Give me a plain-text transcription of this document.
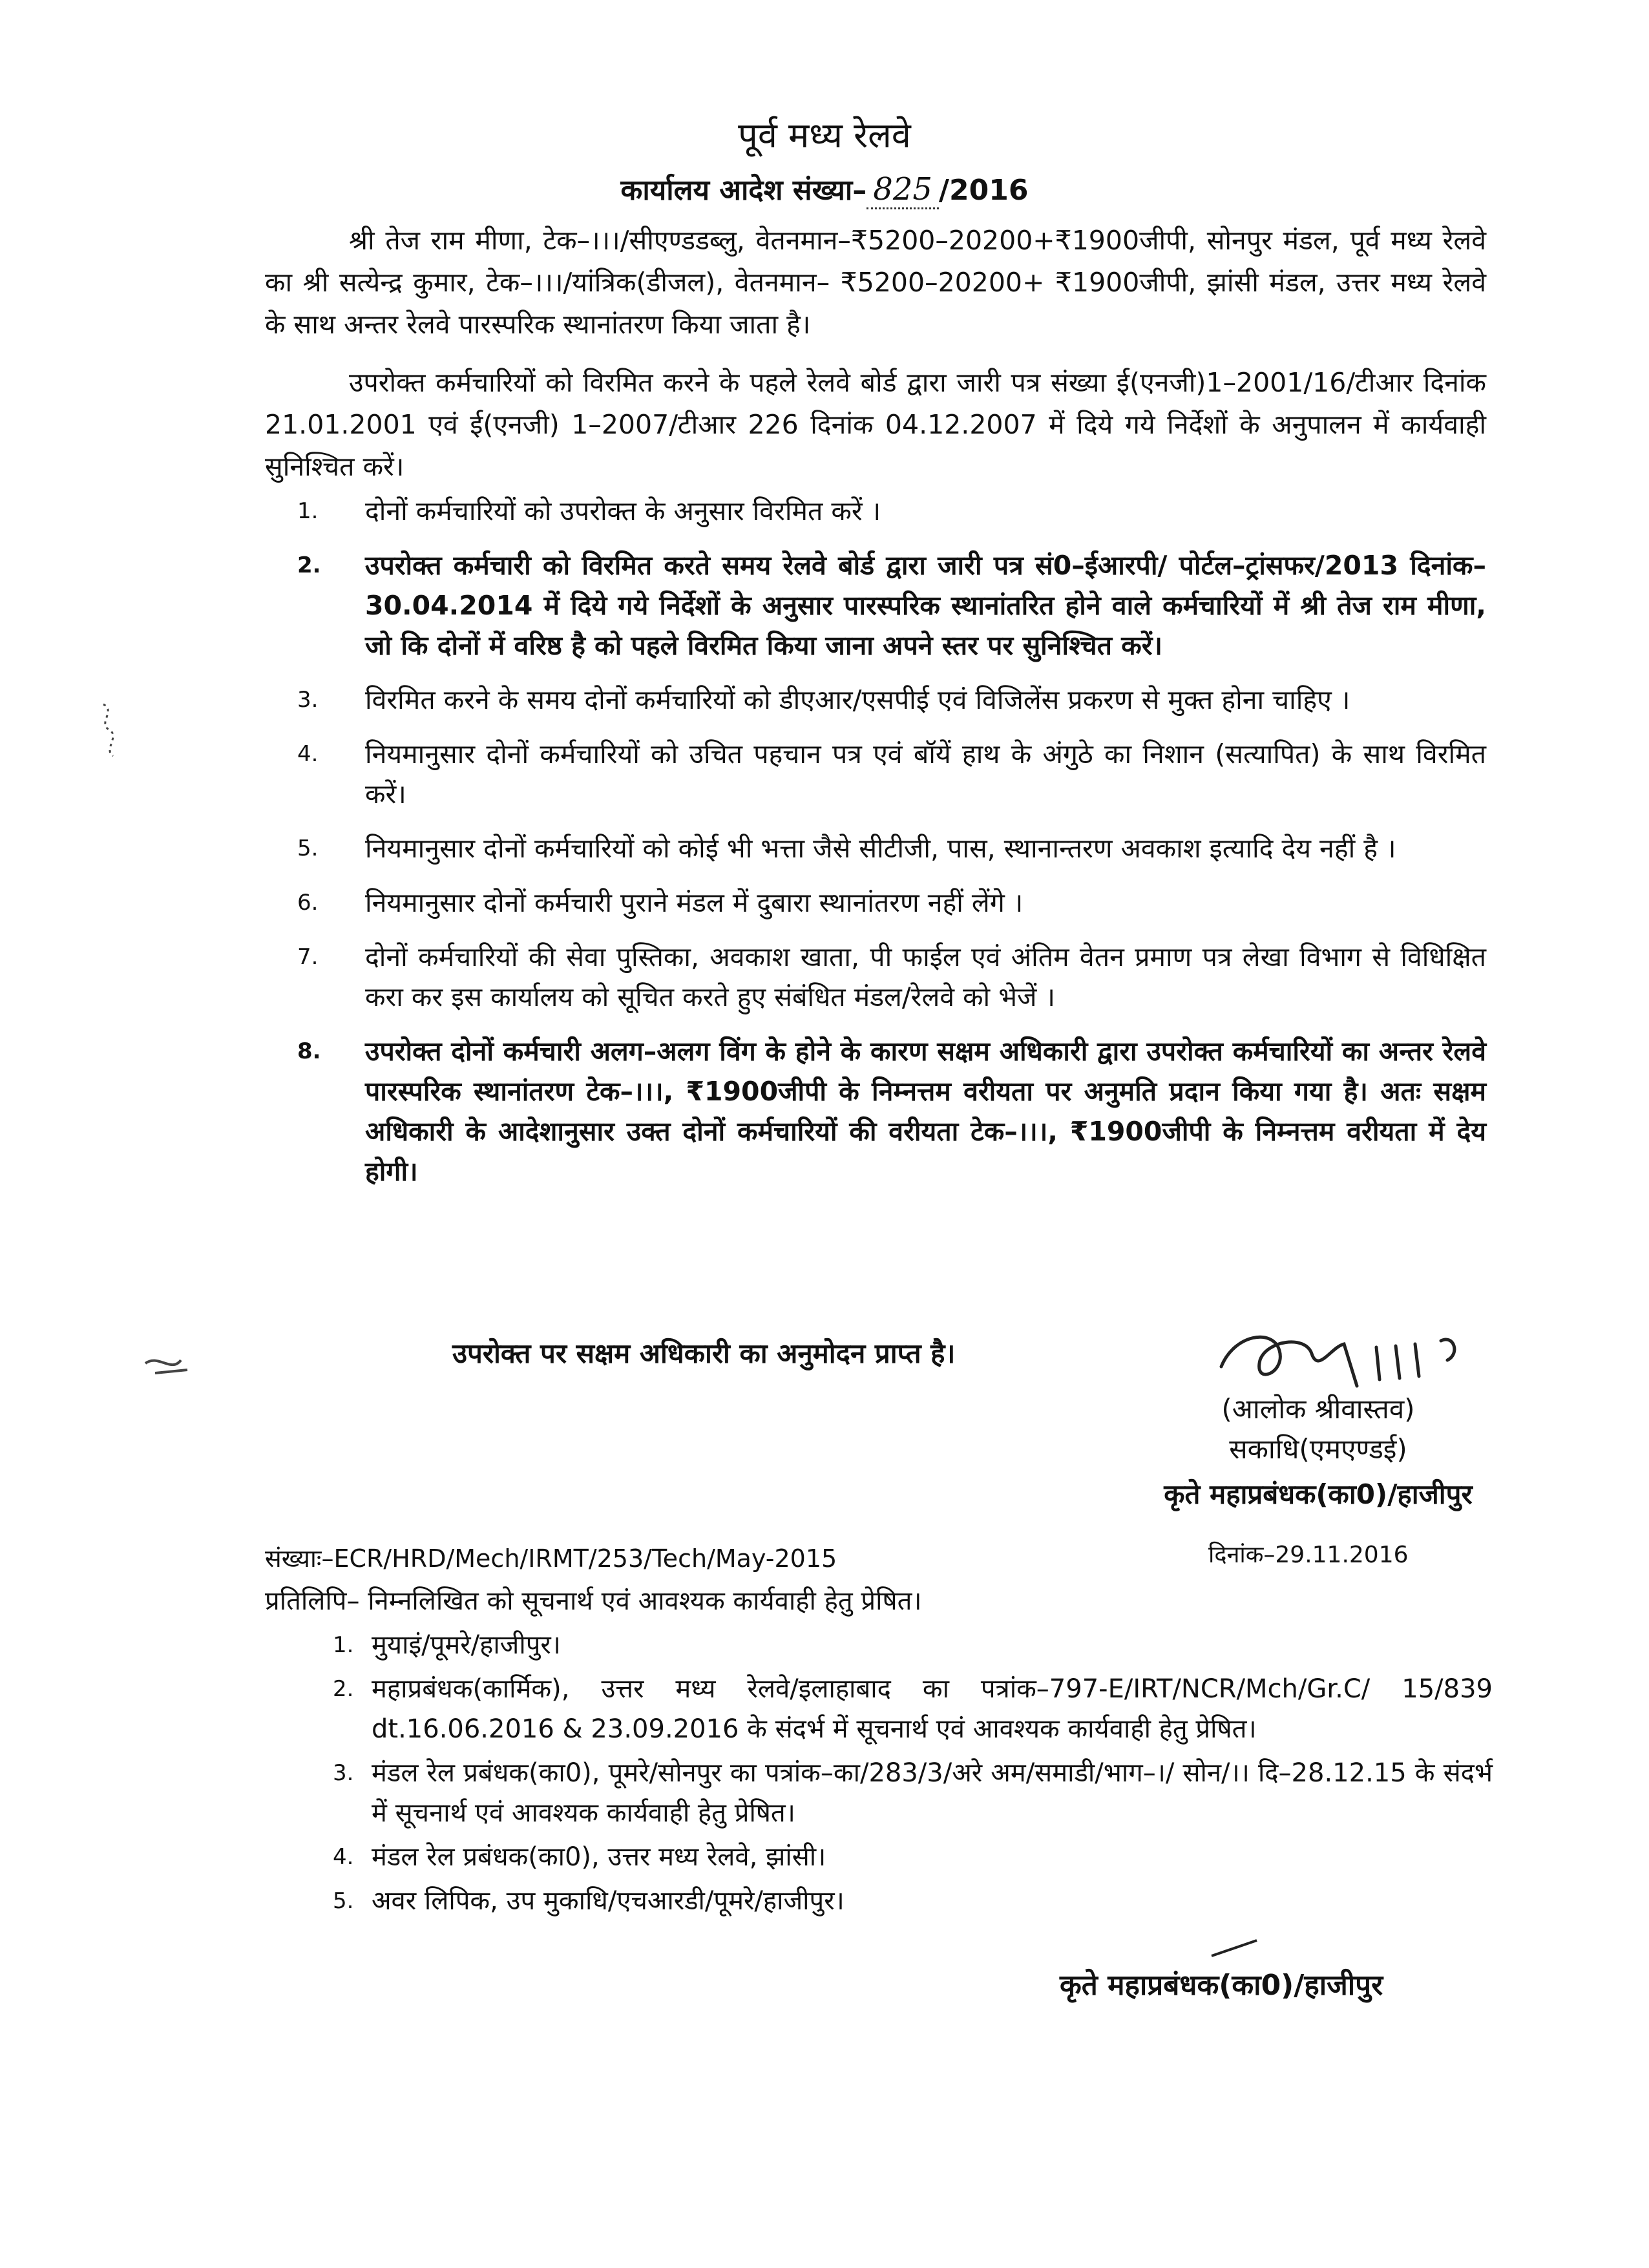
पूर्व मध्य रेलवे
कार्यालय आदेश संख्या– 825 /2016
श्री तेज राम मीणा, टेक–।।।/सीएण्डडब्लु, वेतनमान–₹5200–20200+₹1900जीपी, सोनपुर मंडल, पूर्व मध्य रेलवे का श्री सत्येन्द्र कुमार, टेक–।।।/यांत्रिक(डीजल), वेतनमान– ₹5200–20200+ ₹1900जीपी, झांसी मंडल, उत्तर मध्य रेलवे के साथ अन्तर रेलवे पारस्परिक स्थानांतरण किया जाता है।
उपरोक्त कर्मचारियों को विरमित करने के पहले रेलवे बोर्ड द्वारा जारी पत्र संख्या ई(एनजी)1–2001/16/टीआर दिनांक 21.01.2001 एवं ई(एनजी) 1–2007/टीआर 226 दिनांक 04.12.2007 में दिये गये निर्देशों के अनुपालन में कार्यवाही सुनिश्चित करें।
1. दोनों कर्मचारियों को उपरोक्त के अनुसार विरमित करें ।
2. उपरोक्त कर्मचारी को विरमित करते समय रेलवे बोर्ड द्वारा जारी पत्र सं0–ईआरपी/ पोर्टल–ट्रांसफर/2013 दिनांक–30.04.2014 में दिये गये निर्देशों के अनुसार पारस्परिक स्थानांतरित होने वाले कर्मचारियों में श्री तेज राम मीणा, जो कि दोनों में वरिष्ठ है को पहले विरमित किया जाना अपने स्तर पर सुनिश्चित करें।
3. विरमित करने के समय दोनों कर्मचारियों को डीएआर/एसपीई एवं विजिलेंस प्रकरण से मुक्त होना चाहिए ।
4. नियमानुसार दोनों कर्मचारियों को उचित पहचान पत्र एवं बॉयें हाथ के अंगुठे का निशान (सत्यापित) के साथ विरमित करें।
5. नियमानुसार दोनों कर्मचारियों को कोई भी भत्ता जैसे सीटीजी, पास, स्थानान्तरण अवकाश इत्यादि देय नहीं है ।
6. नियमानुसार दोनों कर्मचारी पुराने मंडल में दुबारा स्थानांतरण नहीं लेंगे ।
7. दोनों कर्मचारियों की सेवा पुस्तिका, अवकाश खाता, पी फाईल एवं अंतिम वेतन प्रमाण पत्र लेखा विभाग से विधिक्षित करा कर इस कार्यालय को सूचित करते हुए संबंधित मंडल/रेलवे को भेजें ।
8. उपरोक्त दोनों कर्मचारी अलग–अलग विंग के होने के कारण सक्षम अधिकारी द्वारा उपरोक्त कर्मचारियों का अन्तर रेलवे पारस्परिक स्थानांतरण टेक–।।।, ₹1900जीपी के निम्नत्तम वरीयता पर अनुमति प्रदान किया गया है। अतः सक्षम अधिकारी के आदेशानुसार उक्त दोनों कर्मचारियों की वरीयता टेक–।।।, ₹1900जीपी के निम्नत्तम वरीयता में देय होगी।
उपरोक्त पर सक्षम अधिकारी का अनुमोदन प्राप्त है।
(आलोक श्रीवास्तव)
सकाधि(एमएण्डई)
कृते महाप्रबंधक(का0)/हाजीपुर
संख्याः–ECR/HRD/Mech/IRMT/253/Tech/May-2015	दिनांक–29.11.2016
प्रतिलिपि– निम्नलिखित को सूचनार्थ एवं आवश्यक कार्यवाही हेतु प्रेषित।
1. मुयाइं/पूमरे/हाजीपुर।
2. महाप्रबंधक(कार्मिक), उत्तर मध्य रेलवे/इलाहाबाद का पत्रांक–797-E/IRT/NCR/Mch/Gr.C/ 15/839 dt.16.06.2016 & 23.09.2016 के संदर्भ में सूचनार्थ एवं आवश्यक कार्यवाही हेतु प्रेषित।
3. मंडल रेल प्रबंधक(का0), पूमरे/सोनपुर का पत्रांक–का/283/3/अरे अम/समाडी/भाग–।/ सोन/।। दि–28.12.15 के संदर्भ में सूचनार्थ एवं आवश्यक कार्यवाही हेतु प्रेषित।
4. मंडल रेल प्रबंधक(का0), उत्तर मध्य रेलवे, झांसी।
5. अवर लिपिक, उप मुकाधि/एचआरडी/पूमरे/हाजीपुर।
कृते महाप्रबंधक(का0)/हाजीपुर
